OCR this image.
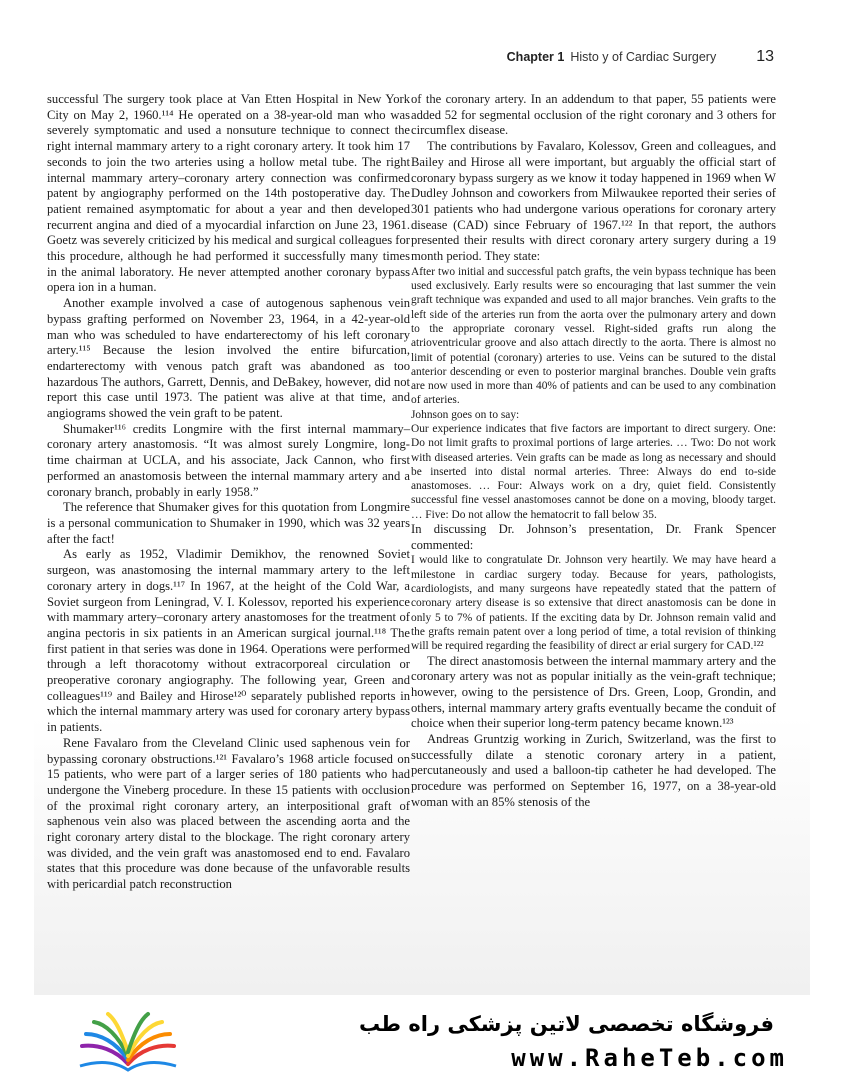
Chapter 1 Histo y of Cardiac Surgery	13

successful The surgery took place at Van Etten Hospital in New York City on May 2, 1960.¹¹⁴ He operated on a 38-year-old man who was severely symptomatic and used a nonsuture technique to connect the right internal mammary artery to a right coronary artery. It took him 17 seconds to join the two arteries using a hollow metal tube. The right internal mammary artery–coronary artery connection was confirmed patent by angiography performed on the 14th postoperative day. The patient remained asymptomatic for about a year and then developed recurrent angina and died of a myocardial infarction on June 23, 1961. Goetz was severely criticized by his medical and surgical colleagues for this procedure, although he had performed it successfully many times in the animal laboratory. He never attempted another coronary bypass opera ion in a human.

Another example involved a case of autogenous saphenous vein bypass grafting performed on November 23, 1964, in a 42-year-old man who was scheduled to have endarterectomy of his left coronary artery.¹¹⁵ Because the lesion involved the entire bifurcation, endarterectomy with venous patch graft was abandoned as too hazardous The authors, Garrett, Dennis, and DeBakey, however, did not report this case until 1973. The patient was alive at that time, and angiograms showed the vein graft to be patent.

Shumaker¹¹⁶ credits Longmire with the first internal mammary–coronary artery anastomosis. “It was almost surely Longmire, long-time chairman at UCLA, and his associate, Jack Cannon, who first performed an anastomosis between the internal mammary artery and a coronary branch, probably in early 1958.”

The reference that Shumaker gives for this quotation from Longmire is a personal communication to Shumaker in 1990, which was 32 years after the fact!

As early as 1952, Vladimir Demikhov, the renowned Soviet surgeon, was anastomosing the internal mammary artery to the left coronary artery in dogs.¹¹⁷ In 1967, at the height of the Cold War, a Soviet surgeon from Leningrad, V. I. Kolessov, reported his experience with mammary artery–coronary artery anastomoses for the treatment of angina pectoris in six patients in an American surgical journal.¹¹⁸ The first patient in that series was done in 1964. Operations were performed through a left thoracotomy without extracorporeal circulation or preoperative coronary angiography. The following year, Green and colleagues¹¹⁹ and Bailey and Hirose¹²⁰ separately published reports in which the internal mammary artery was used for coronary artery bypass in patients.

Rene Favalaro from the Cleveland Clinic used saphenous vein for bypassing coronary obstructions.¹²¹ Favalaro’s 1968 article focused on 15 patients, who were part of a larger series of 180 patients who had undergone the Vineberg procedure. In these 15 patients with occlusion of the proximal right coronary artery, an interpositional graft of saphenous vein also was placed between the ascending aorta and the right coronary artery distal to the blockage. The right coronary artery was divided, and the vein graft was anastomosed end to end. Favalaro states that this procedure was done because of the unfavorable results with pericardial patch reconstruction

of the coronary artery. In an addendum to that paper, 55 patients were added 52 for segmental occlusion of the right coronary and 3 others for circumflex disease.

The contributions by Favalaro, Kolessov, Green and colleagues, and Bailey and Hirose all were important, but arguably the official start of coronary bypass surgery as we know it today happened in 1969 when W Dudley Johnson and coworkers from Milwaukee reported their series of 301 patients who had undergone various operations for coronary artery disease (CAD) since February of 1967.¹²² In that report, the authors presented their results with direct coronary artery surgery during a 19 month period. They state:

After two initial and successful patch grafts, the vein bypass technique has been used exclusively. Early results were so encouraging that last summer the vein graft technique was expanded and used to all major branches. Vein grafts to the left side of the arteries run from the aorta over the pulmonary artery and down to the appropriate coronary vessel. Right-sided grafts run along the atrioventricular groove and also attach directly to the aorta. There is almost no limit of potential (coronary) arteries to use. Veins can be sutured to the distal anterior descending or even to posterior marginal branches. Double vein grafts are now used in more than 40% of patients and can be used to any combination of arteries.

Johnson goes on to say:

Our experience indicates that five factors are important to direct surgery. One: Do not limit grafts to proximal portions of large arteries. … Two: Do not work with diseased arteries. Vein grafts can be made as long as necessary and should be inserted into distal normal arteries. Three: Always do end to-side anastomoses. … Four: Always work on a dry, quiet field. Consistently successful fine vessel anastomoses cannot be done on a moving, bloody target. … Five: Do not allow the hematocrit to fall below 35.

In discussing Dr. Johnson’s presentation, Dr. Frank Spencer commented:

I would like to congratulate Dr. Johnson very heartily. We may have heard a milestone in cardiac surgery today. Because for years, pathologists, cardiologists, and many surgeons have repeatedly stated that the pattern of coronary artery disease is so extensive that direct anastomosis can be done in only 5 to 7% of patients. If the exciting data by Dr. Johnson remain valid and the grafts remain patent over a long period of time, a total revision of thinking will be required regarding the feasibility of direct ar erial surgery for CAD.¹²²

The direct anastomosis between the internal mammary artery and the coronary artery was not as popular initially as the vein-graft technique; however, owing to the persistence of Drs. Green, Loop, Grondin, and others, internal mammary artery grafts eventually became the conduit of choice when their superior long-term patency became known.¹²³

Andreas Gruntzig working in Zurich, Switzerland, was the first to successfully dilate a stenotic coronary artery in a patient, percutaneously and used a balloon-tip catheter he had developed. The procedure was performed on September 16, 1977, on a 38-year-old woman with an 85% stenosis of the

فروشگاه تخصصی لاتین پزشکی راه طب
www.RaheTeb.com
